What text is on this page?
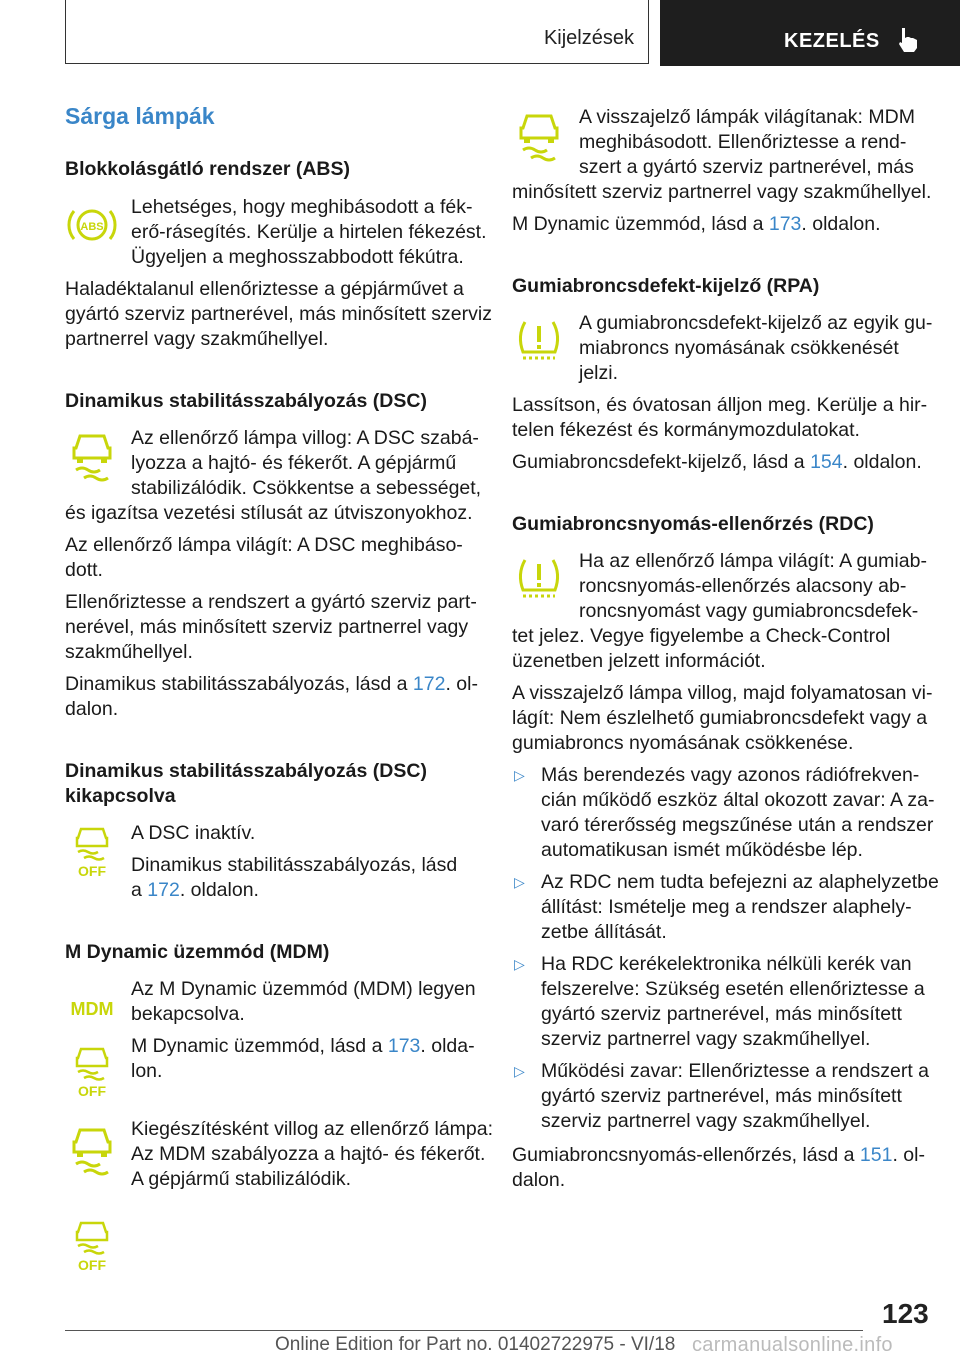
Kijelzések	KEZELÉS
Sárga lámpák
Blokkolásgátló rendszer (ABS)
ABS
Lehetséges, hogy meghibásodott a fék-
erő-rásegítés. Kerülje a hirtelen fékezést.
Ügyeljen a meghosszabbodott fékútra.
Haladéktalanul ellenőriztesse a gépjárművet a
gyártó szerviz partnerével, más minősített szerviz
partnerrel vagy szakműhellyel.
Dinamikus stabilitásszabályozás (DSC)
Az ellenőrző lámpa villog: A DSC szabá-
lyozza a hajtó- és fékerőt. A gépjármű
stabilizálódik. Csökkentse a sebességet,
és igazítsa vezetési stílusát az útviszonyokhoz.
Az ellenőrző lámpa világít: A DSC meghibáso-
dott.
Ellenőriztesse a rendszert a gyártó szerviz part-
nerével, más minősített szerviz partnerrel vagy
szakműhellyel.
Dinamikus stabilitásszabályozás, lásd a 172. ol-
dalon.
Dinamikus stabilitásszabályozás (DSC)
kikapcsolva
OFF
A DSC inaktív.
Dinamikus stabilitásszabályozás, lásd
a 172. oldalon.
M Dynamic üzemmód (MDM)
MDM
Az M Dynamic üzemmód (MDM) legyen
bekapcsolva.
OFF
M Dynamic üzemmód, lásd a 173. olda-
lon.
Kiegészítésként villog az ellenőrző lámpa:
Az MDM szabályozza a hajtó- és fékerőt.
A gépjármű stabilizálódik.
OFF
A visszajelző lámpák világítanak: MDM
meghibásodott. Ellenőriztesse a rend-
szert a gyártó szerviz partnerével, más
minősített szerviz partnerrel vagy szakműhellyel.
M Dynamic üzemmód, lásd a 173. oldalon.
Gumiabroncsdefekt-kijelző (RPA)
A gumiabroncsdefekt-kijelző az egyik gu-
miabroncs nyomásának csökkenését
jelzi.
Lassítson, és óvatosan álljon meg. Kerülje a hir-
telen fékezést és kormánymozdulatokat.
Gumiabroncsdefekt-kijelző, lásd a 154. oldalon.
Gumiabroncsnyomás-ellenőrzés (RDC)
Ha az ellenőrző lámpa világít: A gumiab-
roncsnyomás-ellenőrzés alacsony ab-
roncsnyomást vagy gumiabroncsdefek-
tet jelez. Vegye figyelembe a Check-Control
üzenetben jelzett információt.
A visszajelző lámpa villog, majd folyamatosan vi-
lágít: Nem észlelhető gumiabroncsdefekt vagy a
gumiabroncs nyomásának csökkenése.
▷ Más berendezés vagy azonos rádiófrekven-
cián működő eszköz által okozott zavar: A za-
varó térerősség megszűnése után a rendszer
automatikusan ismét működésbe lép.
▷ Az RDC nem tudta befejezni az alaphelyzetbe
állítást: Ismételje meg a rendszer alaphely-
zetbe állítását.
▷ Ha RDC kerékelektronika nélküli kerék van
felszerelve: Szükség esetén ellenőriztesse a
gyártó szerviz partnerével, más minősített
szerviz partnerrel vagy szakműhellyel.
▷ Működési zavar: Ellenőriztesse a rendszert a
gyártó szerviz partnerével, más minősített
szerviz partnerrel vagy szakműhellyel.
Gumiabroncsnyomás-ellenőrzés, lásd a 151. ol-
dalon.
123
Online Edition for Part no. 01402722975 - VI/18 carmanualsonline.info
